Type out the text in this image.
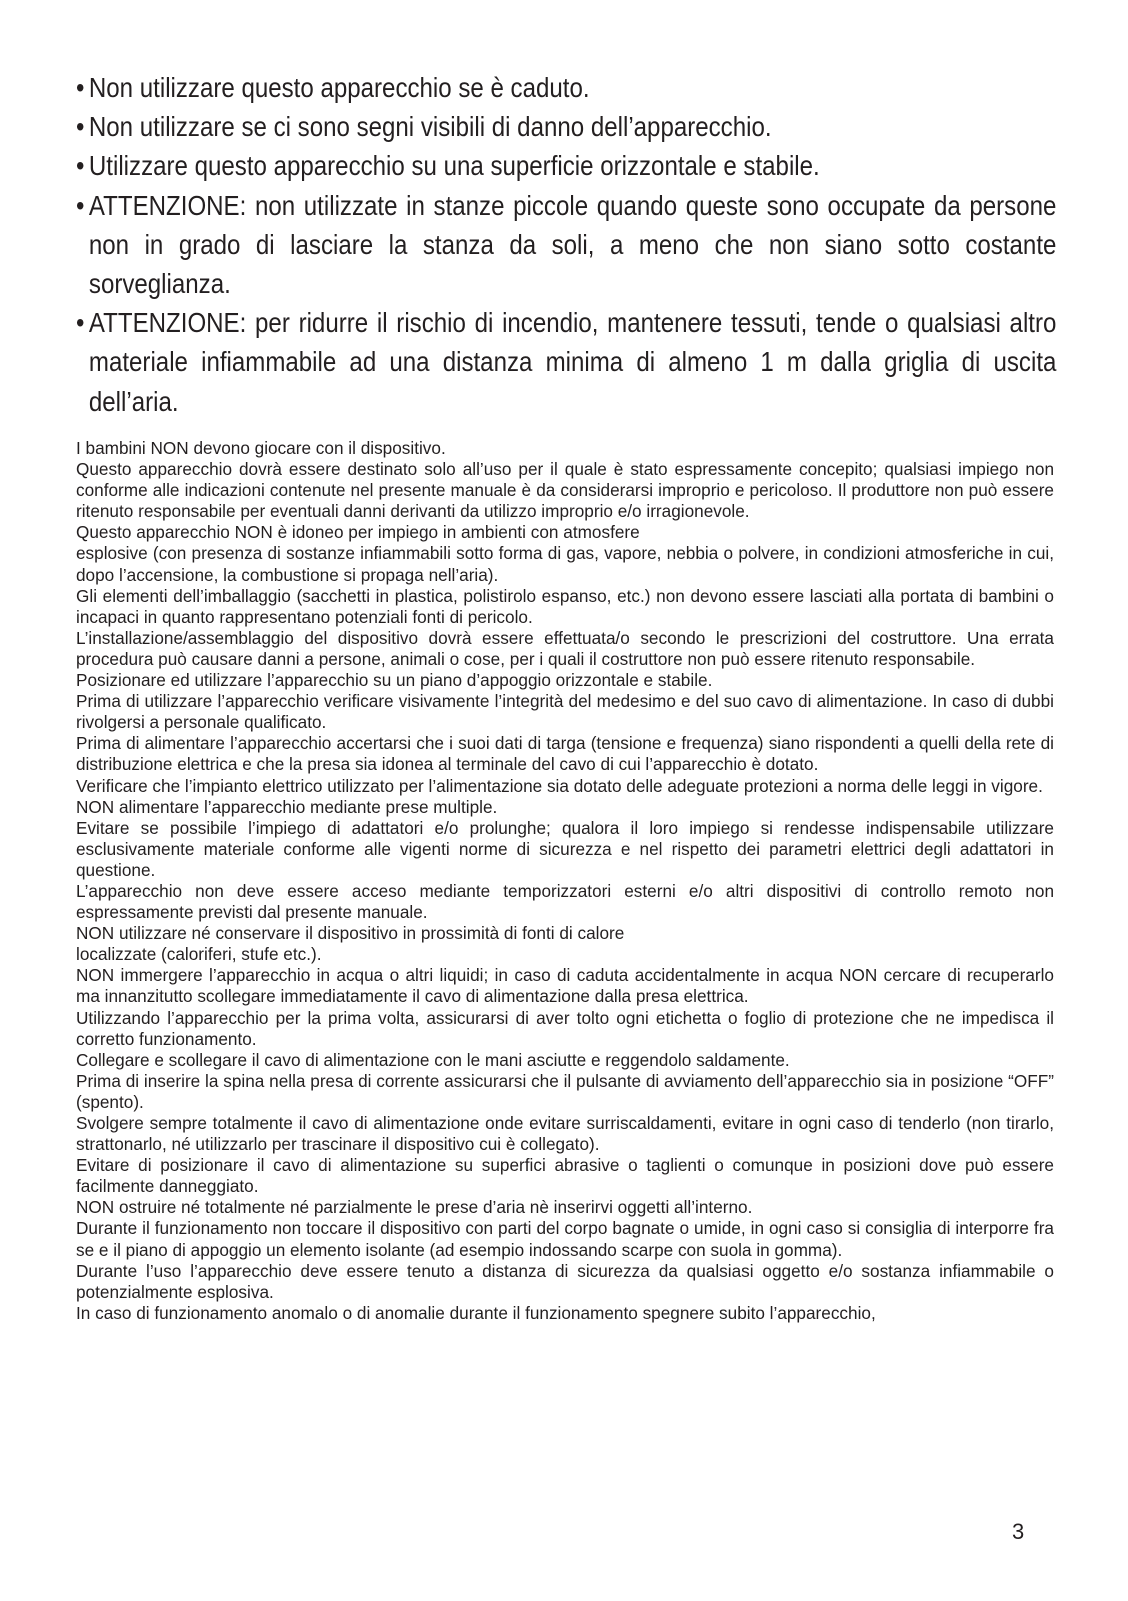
• Non utilizzare questo apparecchio se è caduto.
• Non utilizzare se ci sono segni visibili di danno dell’apparecchio.
• Utilizzare questo apparecchio su una superficie orizzontale e stabile.
• ATTENZIONE: non utilizzate in stanze piccole quando queste sono occupate da persone non in grado di lasciare la stanza da soli, a meno che non siano sotto costante sorveglianza.
• ATTENZIONE: per ridurre il rischio di incendio, mantenere tessuti, tende o qualsiasi altro materiale infiammabile ad una distanza minima di almeno 1 m dalla griglia di uscita dell’aria.

I bambini NON devono giocare con il dispositivo.

Questo apparecchio dovrà essere destinato solo all’uso per il quale è stato espressamente concepito; qualsiasi impiego non conforme alle indicazioni contenute nel presente manuale è da considerarsi improprio e pericoloso. Il produttore non può essere ritenuto responsabile per eventuali danni derivanti da utilizzo improprio e/o irragionevole.

Questo apparecchio NON è idoneo per impiego in ambienti con atmosfere

esplosive (con presenza di sostanze infiammabili sotto forma di gas, vapore, nebbia o polvere, in condizioni atmosferiche in cui, dopo l’accensione, la combustione si propaga nell’aria).

Gli elementi dell’imballaggio (sacchetti in plastica, polistirolo espanso, etc.) non devono essere lasciati alla portata di bambini o incapaci in quanto rappresentano potenziali fonti di pericolo.

L’installazione/assemblaggio del dispositivo dovrà essere effettuata/o secondo le prescrizioni del costruttore. Una errata procedura può causare danni a persone, animali o cose, per i quali il costruttore non può essere ritenuto responsabile.

Posizionare ed utilizzare l’apparecchio su un piano d’appoggio orizzontale e stabile.

Prima di utilizzare l’apparecchio verificare visivamente l’integrità del medesimo e del suo cavo di alimentazione. In caso di dubbi rivolgersi a personale qualificato.

Prima di alimentare l’apparecchio accertarsi che i suoi dati di targa (tensione e frequenza) siano rispondenti a quelli della rete di distribuzione elettrica e che la presa sia idonea al terminale del cavo di cui l’apparecchio è dotato.

Verificare che l’impianto elettrico utilizzato per l’alimentazione sia dotato delle adeguate protezioni a norma delle leggi in vigore.

NON alimentare l’apparecchio mediante prese multiple.

Evitare se possibile l’impiego di adattatori e/o prolunghe; qualora il loro impiego si rendesse indispensabile utilizzare esclusivamente materiale conforme alle vigenti norme di sicurezza e nel rispetto dei parametri elettrici degli adattatori in questione.

L’apparecchio non deve essere acceso mediante temporizzatori esterni e/o altri dispositivi di controllo remoto non espressamente previsti dal presente manuale.

NON utilizzare né conservare il dispositivo in prossimità di fonti di calore

localizzate (caloriferi, stufe etc.).

NON immergere l’apparecchio in acqua o altri liquidi; in caso di caduta accidentalmente in acqua NON cercare di recuperarlo ma innanzitutto scollegare immediatamente il cavo di alimentazione dalla presa elettrica.

Utilizzando l’apparecchio per la prima volta, assicurarsi di aver tolto ogni etichetta o foglio di protezione che ne impedisca il corretto funzionamento.

Collegare e scollegare il cavo di alimentazione con le mani asciutte e reggendolo saldamente.

Prima di inserire la spina nella presa di corrente assicurarsi che il pulsante di avviamento dell’apparecchio sia in posizione “OFF” (spento).

Svolgere sempre totalmente il cavo di alimentazione onde evitare surriscaldamenti, evitare in ogni caso di tenderlo (non tirarlo, strattonarlo, né utilizzarlo per trascinare il dispositivo cui è collegato).

Evitare di posizionare il cavo di alimentazione su superfici abrasive o taglienti o comunque in posizioni dove può essere facilmente danneggiato.

NON ostruire né totalmente né parzialmente le prese d’aria nè inserirvi oggetti all’interno.

Durante il funzionamento non toccare il dispositivo con parti del corpo bagnate o umide, in ogni caso si consiglia di interporre fra se e il piano di appoggio un elemento isolante (ad esempio indossando scarpe con suola in gomma).

Durante l’uso l’apparecchio deve essere tenuto a distanza di sicurezza da qualsiasi oggetto e/o sostanza infiammabile o potenzialmente esplosiva.

In caso di funzionamento anomalo o di anomalie durante il funzionamento spegnere subito l’apparecchio,

3
